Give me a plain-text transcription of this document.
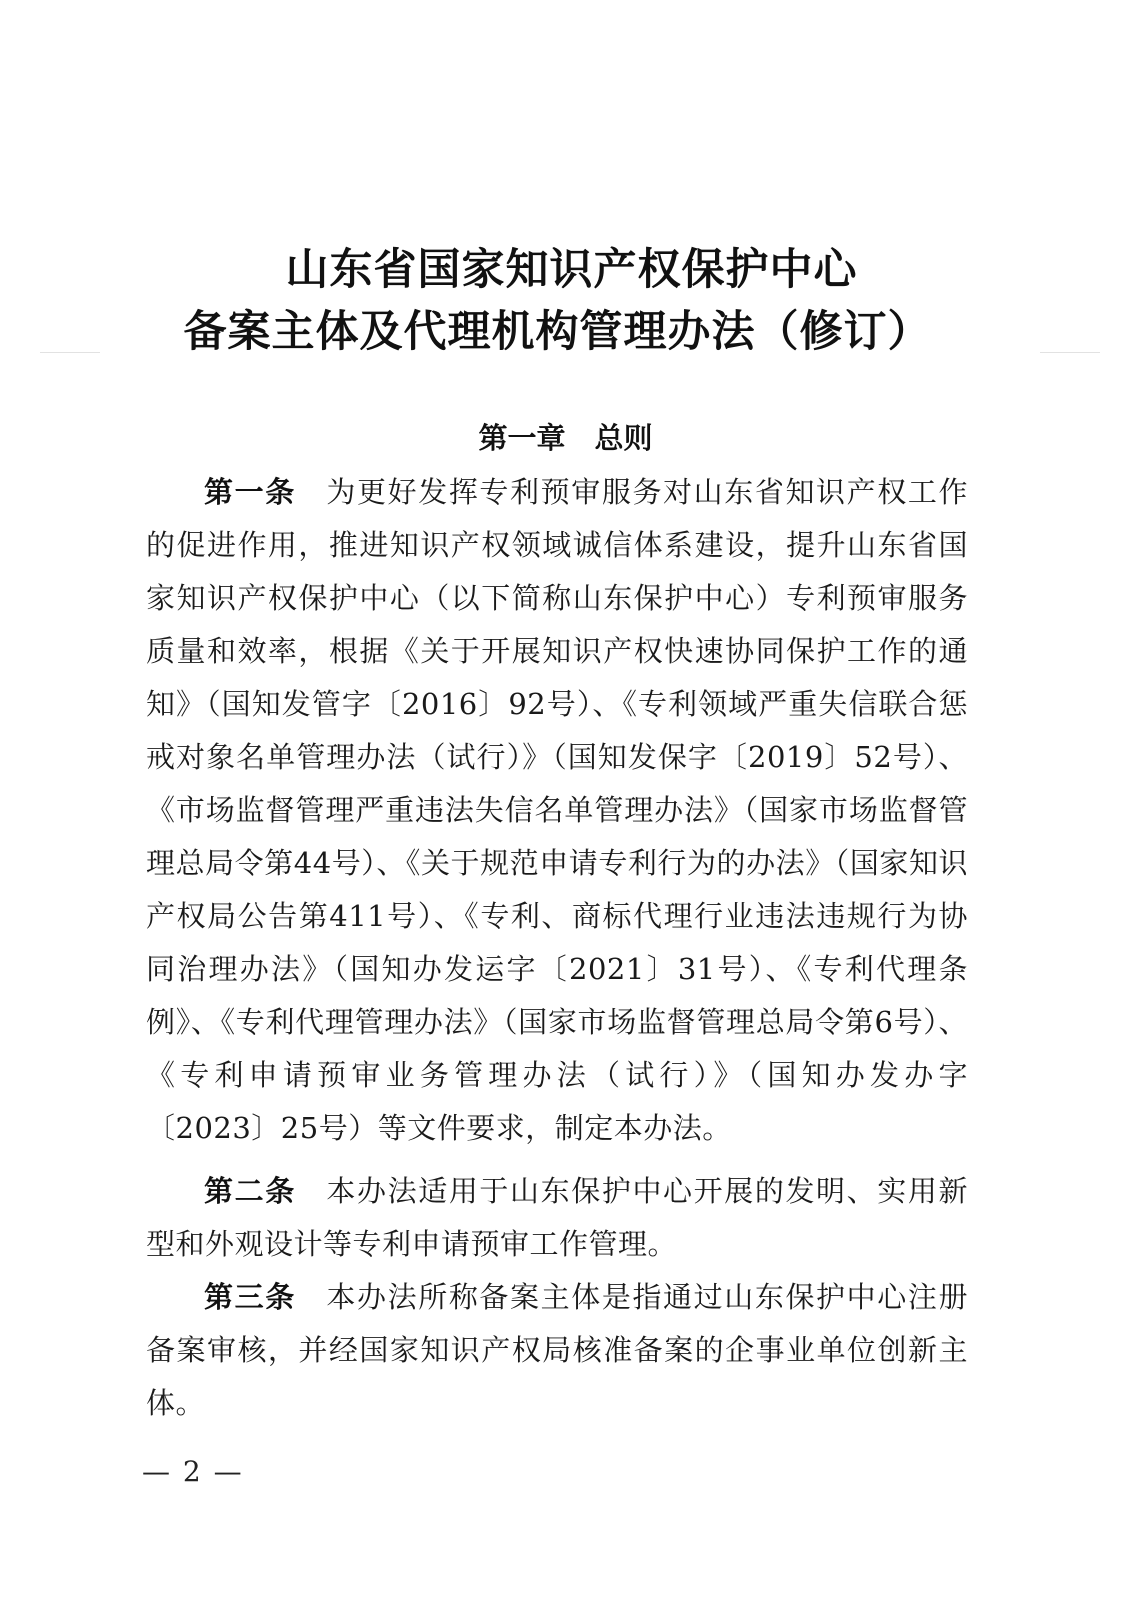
山东省国家知识产权保护中心
备案主体及代理机构管理办法（修订）
第一章　总则
第一条　 为更好发挥专利预审服务对山东省知识产权工作的促进作用，推进知识产权领域诚信体系建设，提升山东省国家知识产权保护中心（以下简称山东保护中心）专利预审服务质量和效率，根据《关于开展知识产权快速协同保护工作的通知》（国知发管字〔2016〕92号）、《专利领域严重失信联合惩戒对象名单管理办法（试行）》（国知发保字〔2019〕52号）、《市场监督管理严重违法失信名单管理办法》（国家市场监督管理总局令第44号）、《关于规范申请专利行为的办法》（国家知识产权局公告第411号）、《专利、商标代理行业违法违规行为协同治理办法》（国知办发运字〔2021〕31号）、《专利代理条例》、《专利代理管理办法》（国家市场监督管理总局令第6号）、《专利申请预审业务管理办法（试行）》（国知办发办字〔2023〕25号）等文件要求，制定本办法。
第二条　 本办法适用于山东保护中心开展的发明、实用新型和外观设计等专利申请预审工作管理。
第三条　 本办法所称备案主体是指通过山东保护中心注册备案审核，并经国家知识产权局核准备案的企事业单位创新主体。
— 2 —
